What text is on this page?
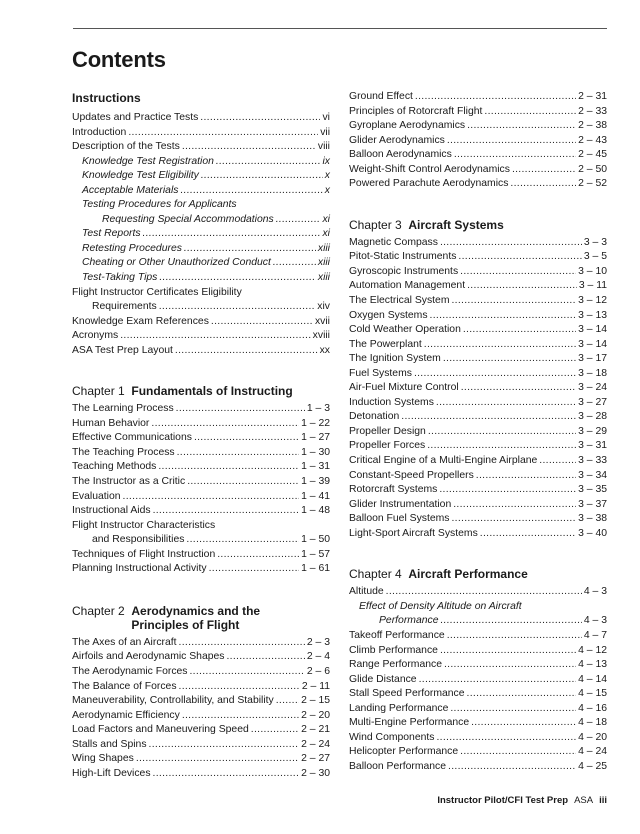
Contents
Instructions
Updates and Practice Tests .....	vi
Introduction .....	vii
Description of the Tests .....	viii
Knowledge Test Registration .....	ix
Knowledge Test Eligibility .....	x
Acceptable Materials .....	x
Testing Procedures for Applicants
Requesting Special Accommodations .....	xi
Test Reports .....	xi
Retesting Procedures .....	xiii
Cheating or Other Unauthorized Conduct .....	xiii
Test-Taking Tips .....	xiii
Flight Instructor Certificates Eligibility
Requirements .....	xiv
Knowledge Exam References .....	xvii
Acronyms .....	xviii
ASA Test Prep Layout .....	xx
Chapter 1 Fundamentals of Instructing
The Learning Process .....	1 – 3
Human Behavior .....	1 – 22
Effective Communications .....	1 – 27
The Teaching Process .....	1 – 30
Teaching Methods .....	1 – 31
The Instructor as a Critic .....	1 – 39
Evaluation .....	1 – 41
Instructional Aids .....	1 – 48
Flight Instructor Characteristics
and Responsibilities .....	1 – 50
Techniques of Flight Instruction .....	1 – 57
Planning Instructional Activity .....	1 – 61
Chapter 2
Aerodynamics and the
Principles of Flight
The Axes of an Aircraft .....	2 – 3
Airfoils and Aerodynamic Shapes .....	2 – 4
The Aerodynamic Forces .....	2 – 6
The Balance of Forces .....	2 – 11
Maneuverability, Controllability, and Stability .....	2 – 15
Aerodynamic Efficiency .....	2 – 20
Load Factors and Maneuvering Speed .....	2 – 21
Stalls and Spins .....	2 – 24
Wing Shapes .....	2 – 27
High-Lift Devices .....	2 – 30
Ground Effect .....	2 – 31
Principles of Rotorcraft Flight .....	2 – 33
Gyroplane Aerodynamics .....	2 – 38
Glider Aerodynamics .....	2 – 43
Balloon Aerodynamics .....	2 – 45
Weight-Shift Control Aerodynamics .....	2 – 50
Powered Parachute Aerodynamics .....	2 – 52
Chapter 3 Aircraft Systems
Magnetic Compass .....	3 – 3
Pitot-Static Instruments .....	3 – 5
Gyroscopic Instruments .....	3 – 10
Automation Management .....	3 – 11
The Electrical System .....	3 – 12
Oxygen Systems .....	3 – 13
Cold Weather Operation .....	3 – 14
The Powerplant .....	3 – 14
The Ignition System .....	3 – 17
Fuel Systems .....	3 – 18
Air-Fuel Mixture Control .....	3 – 24
Induction Systems .....	3 – 27
Detonation .....	3 – 28
Propeller Design .....	3 – 29
Propeller Forces .....	3 – 31
Critical Engine of a Multi-Engine Airplane .....	3 – 33
Constant-Speed Propellers .....	3 – 34
Rotorcraft Systems .....	3 – 35
Glider Instrumentation .....	3 – 37
Balloon Fuel Systems .....	3 – 38
Light-Sport Aircraft Systems .....	3 – 40
Chapter 4 Aircraft Performance
Altitude .....	4 – 3
Effect of Density Altitude on Aircraft
Performance .....	4 – 3
Takeoff Performance .....	4 – 7
Climb Performance .....	4 – 12
Range Performance .....	4 – 13
Glide Distance .....	4 – 14
Stall Speed Performance .....	4 – 15
Landing Performance .....	4 – 16
Multi-Engine Performance .....	4 – 18
Wind Components .....	4 – 20
Helicopter Performance .....	4 – 24
Balloon Performance .....	4 – 25
Instructor Pilot/CFI Test Prep ASA iii
